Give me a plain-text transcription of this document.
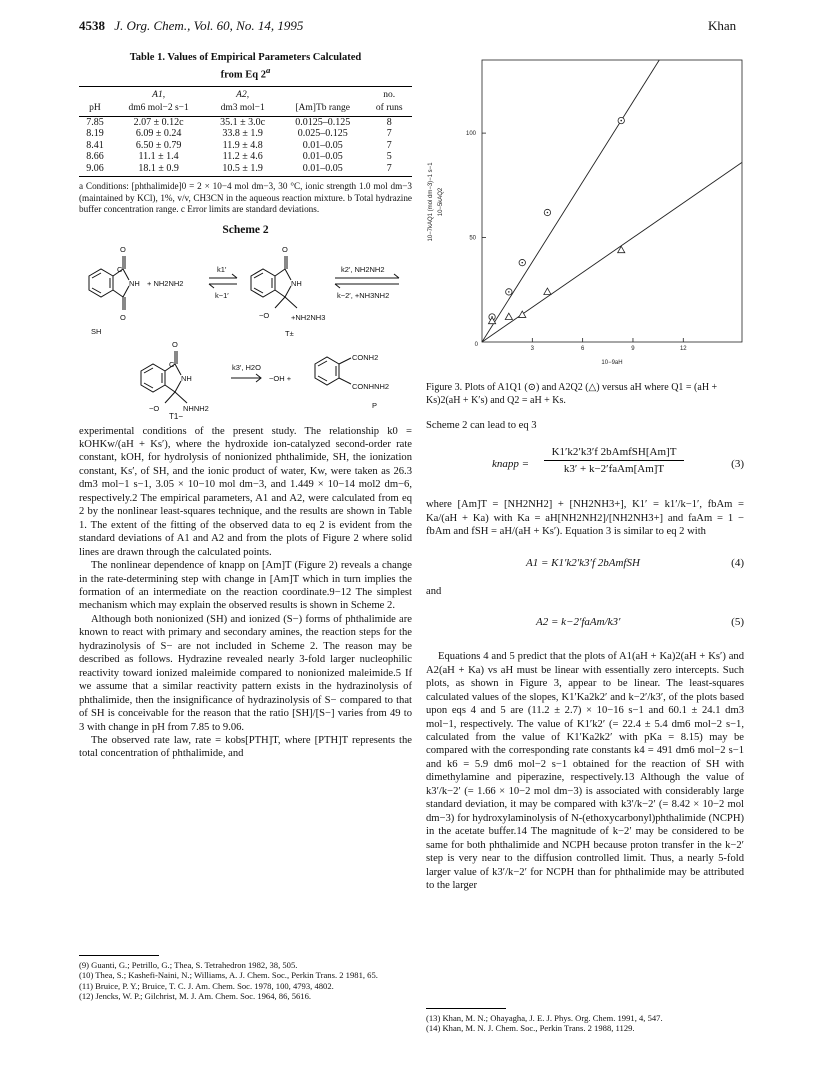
4538 J. Org. Chem., Vol. 60, No. 14, 1995	Khan
Table 1. Values of Empirical Parameters Calculated
from Eq 2$^a$
	A1,	A2,		no.
pH	dm6 mol−2 s−1	dm3 mol−1	[Am]Tb range	of runs
7.85	2.07 ± 0.12c	35.1 ± 3.0c	0.0125–0.125	8
8.19	6.09 ± 0.24	33.8 ± 1.9	0.025–0.125	7
8.41	6.50 ± 0.79	11.9 ± 4.8	0.01–0.05	7
8.66	11.1 ± 1.4	11.2 ± 4.6	0.01–0.05	5
9.06	18.1 ± 0.9	10.5 ± 1.9	0.01–0.05	7

a Conditions: [phthalimide]0 = 2 × 10−4 mol dm−3, 30 °C, ionic strength 1.0 mol dm−3 (maintained by KCl), 1%, v/v, CH3CN in the aqueous reaction mixture. b Total hydrazine buffer concentration range. c Error limits are standard deviations.

Scheme 2
O
C
NH
O
+ NH2NH2
SH
k1′
k−1′
O
NH
−O	+NH2NH3
T±
k2′, NH2NH2
k−2′, +NH3NH2
O
C
NH
−O	NHNH2
k3′, H2O
−OH +
CONH2
CONHNH2
P
T1−

experimental conditions of the present study. The relationship k0 = kOHKw/(aH + Ks′), where the hydroxide ion-catalyzed second-order rate constant, kOH, for hydrolysis of nonionized phthalimide, SH, the ionization constant, Ks′, of SH, and the ionic product of water, Kw, were taken as 26.3 dm3 mol−1 s−1, 3.05 × 10−10 mol dm−3, and 1.449 × 10−14 mol2 dm−6, respectively.2 The empirical parameters, A1 and A2, were calculated from eq 2 by the nonlinear least-squares technique, and the results are shown in Table 1. The extent of the fitting of the observed data to eq 2 is evident from the standard deviations of A1 and A2 and from the plots of Figure 2 where solid lines are drawn through the calculated points.

The nonlinear dependence of knapp on [Am]T (Figure 2) reveals a change in the rate-determining step with change in [Am]T which in turn implies the formation of an intermediate on the reaction coordinate.9−12 The simplest mechanism which may explain the observed results is shown in Scheme 2.

Although both nonionized (SH) and ionized (S−) forms of phthalimide are known to react with primary and secondary amines, the reaction steps for the hydrazinolysis of S− are not included in Scheme 2. The reason may be described as follows. Hydrazine revealed nearly 3-fold larger nucleophilic reactivity toward ionized maleimide compared to nonionized maleimide.5 If we assume that a similar reactivity pattern exists in the hydrazinolysis of phthalimide, then the insignificance of hydrazinolysis of S− compared to that of SH is conceivable for the reason that the ratio [SH]/[S−] varies from 49 to 3 with change in pH from 7.85 to 9.06.

The observed rate law, rate = kobs[PTH]T, where [PTH]T represents the total concentration of phthalimide, and

(9) Guanti, G.; Petrillo, G.; Thea, S. Tetrahedron 1982, 38, 505.
(10) Thea, S.; Kashefi-Naini, N.; Williams, A. J. Chem. Soc., Perkin Trans. 2 1981, 65.
(11) Bruice, P. Y.; Bruice, T. C. J. Am. Chem. Soc. 1978, 100, 4793, 4802.
(12) Jencks, W. P.; Gilchrist, M. J. Am. Chem. Soc. 1964, 86, 5616.
0
3	6	9	12
50
100
10−7kAQ1 (mol dm−3)−1 s−1 10−5kAQ2
10−9aH
Figure 3. Plots of A1Q1 (⊙) and A2Q2 (△) versus aH where Q1 = (aH + Ks)2(aH + K′s) and Q2 = aH + Ks.

Scheme 2 can lead to eq 3

knapp =
K1′k2′k3′f 2bAmfSH[Am]T
k3′ + k−2′faAm[Am]T	(3)

where [Am]T = [NH2NH2] + [NH2NH3+], K1′ = k1′/k−1′, fbAm = Ka/(aH + Ka) with Ka = aH[NH2NH2]/[NH2NH3+] and faAm = 1 − fbAm and fSH = aH/(aH + Ks′). Equation 3 is similar to eq 2 with

A1 = K1′k2′k3′f 2bAmfSH	(4)

and

A2 = k−2′faAm/k3′	(5)

Equations 4 and 5 predict that the plots of A1(aH + Ka)2(aH + Ks′) and A2(aH + Ka) vs aH must be linear with essentially zero intercepts. Such plots, as shown in Figure 3, appear to be linear. The least-squares calculated values of the slopes, K1′Ka2k2′ and k−2′/k3′, of the plots based upon eqs 4 and 5 are (11.2 ± 2.7) × 10−16 s−1 and 60.1 ± 24.1 dm3 mol−1, respectively. The value of K1′k2′ (= 22.4 ± 5.4 dm6 mol−2 s−1, calculated from the value of K1′Ka2k2′ with pKa = 8.15) may be compared with the corresponding rate constants k4 = 491 dm6 mol−2 s−1 and k6 = 5.9 dm6 mol−2 s−1 obtained for the reaction of SH with dimethylamine and piperazine, respectively.13 Although the value of k3′/k−2′ (= 1.66 × 10−2 mol dm−3) is associated with considerably large standard deviation, it may be compared with k3′/k−2′ (= 8.42 × 10−2 mol dm−3) for hydroxylaminolysis of N-(ethoxycarbonyl)phthalimide (NCPH) in the acetate buffer.14 The magnitude of k−2′ may be considered to be same for both phthalimide and NCPH because proton transfer in the k−2′ step is very near to the diffusion controlled limit. Thus, a nearly 5-fold larger value of k3′/k−2′ for NCPH than for phthalimide may be attributed to the larger

(13) Khan, M. N.; Ohayagha, J. E. J. Phys. Org. Chem. 1991, 4, 547.
(14) Khan, M. N. J. Chem. Soc., Perkin Trans. 2 1988, 1129.
